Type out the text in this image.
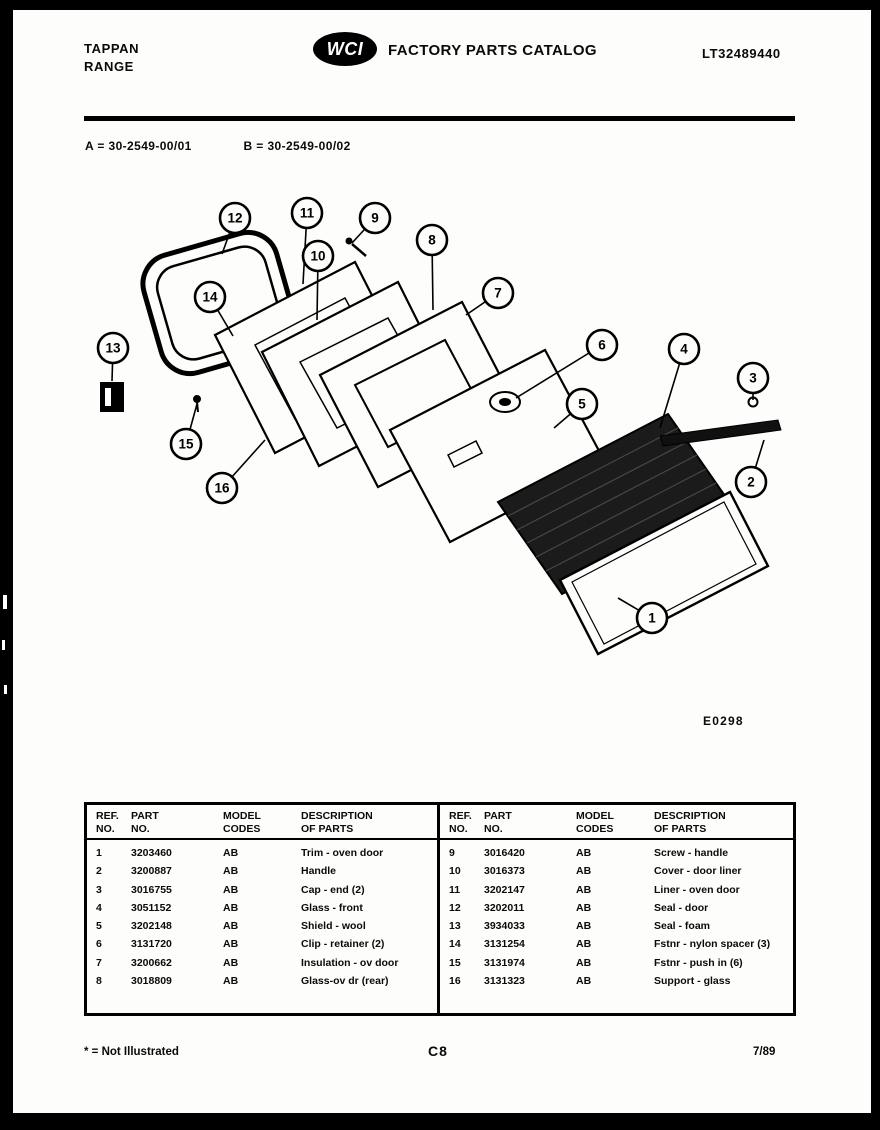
TAPPAN
RANGE
WCI FACTORY PARTS CATALOG	LT32489440
A = 30-2549-00/01	B = 30-2549-00/02
12	11	9
8
10
14	7
13	6	4
3
5
15
2
16
1
E0298
REF.
NO.

PART
NO.

MODEL
CODES

DESCRIPTION
OF PARTS

1	3203460	AB	Trim - oven door
2	3200887	AB	Handle
3	3016755	AB	Cap - end (2)
4	3051152	AB	Glass - front
5	3202148	AB	Shield - wool
6	3131720	AB	Clip - retainer (2)
7	3200662	AB	Insulation - ov door
8	3018809	AB	Glass-ov dr (rear)
REF.
NO.

PART
NO.

MODEL
CODES

DESCRIPTION
OF PARTS

9	3016420	AB	Screw - handle
10	3016373	AB	Cover - door liner
11	3202147	AB	Liner - oven door
12	3202011	AB	Seal - door
13	3934033	AB	Seal - foam
14	3131254	AB	Fstnr - nylon spacer (3)
15	3131974	AB	Fstnr - push in (6)
16	3131323	AB	Support - glass
* = Not Illustrated	C8	7/89
